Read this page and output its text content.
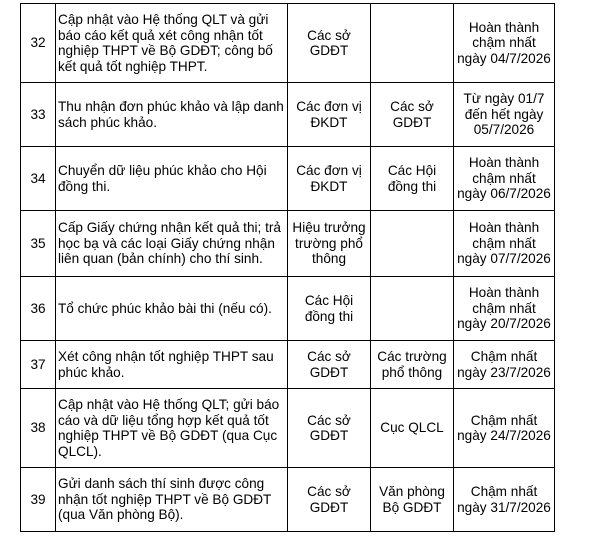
32	Cập nhật vào Hệ thống QLT và gửi báo cáo kết quả xét công nhận tốt nghiệp THPT về Bộ GDĐT; công bố kết quả tốt nghiệp THPT.	Các sở GDĐT		Hoàn thành chậm nhất ngày 04/7/2026
33	Thu nhận đơn phúc khảo và lập danh sách phúc khảo.	Các đơn vị ĐKDT	Các sở GDĐT	Từ ngày 01/7 đến hết ngày 05/7/2026
34	Chuyển dữ liệu phúc khảo cho Hội đồng thi.	Các đơn vị ĐKDT	Các Hội đồng thi	Hoàn thành chậm nhất ngày 06/7/2026
35	Cấp Giấy chứng nhận kết quả thi; trả học bạ và các loại Giấy chứng nhận liên quan (bản chính) cho thí sinh.	Hiệu trưởng trường phổ thông		Hoàn thành chậm nhất ngày 07/7/2026
36	Tổ chức phúc khảo bài thi (nếu có).	Các Hội đồng thi		Hoàn thành chậm nhất ngày 20/7/2026
37	Xét công nhận tốt nghiệp THPT sau phúc khảo.	Các sở GDĐT	Các trường phổ thông	Chậm nhất ngày 23/7/2026
38	Cập nhật vào Hệ thống QLT; gửi báo cáo và dữ liệu tổng hợp kết quả tốt nghiệp THPT về Bộ GDĐT (qua Cục QLCL).	Các sở GDĐT	Cục QLCL	Chậm nhất ngày 24/7/2026
39	Gửi danh sách thí sinh được công nhận tốt nghiệp THPT về Bộ GDĐT (qua Văn phòng Bộ).	Các sở GDĐT	Văn phòng Bộ GDĐT	Chậm nhất ngày 31/7/2026
